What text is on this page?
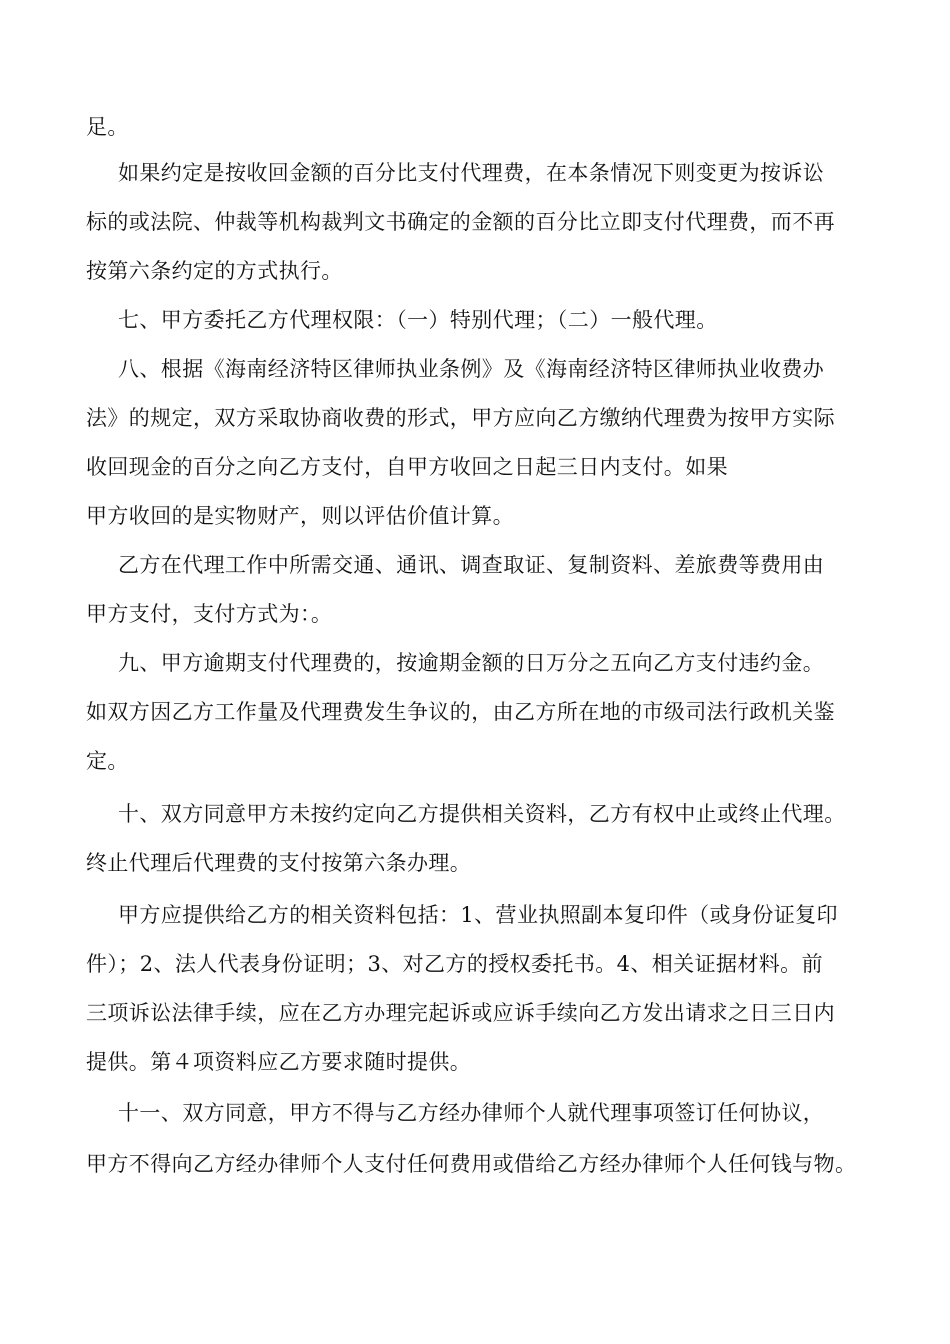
足。
如果约定是按收回金额的百分比支付代理费，在本条情况下则变更为按诉讼
标的或法院、仲裁等机构裁判文书确定的金额的百分比立即支付代理费，而不再
按第六条约定的方式执行。
七、甲方委托乙方代理权限：（一）特别代理；（二）一般代理。
八、根据《海南经济特区律师执业条例》及《海南经济特区律师执业收费办
法》的规定，双方采取协商收费的形式，甲方应向乙方缴纳代理费为按甲方实际
收回现金的百分之向乙方支付，自甲方收回之日起三日内支付。如果
甲方收回的是实物财产，则以评估价值计算。
乙方在代理工作中所需交通、通讯、调查取证、复制资料、差旅费等费用由
甲方支付，支付方式为：。
九、甲方逾期支付代理费的，按逾期金额的日万分之五向乙方支付违约金。
如双方因乙方工作量及代理费发生争议的，由乙方所在地的市级司法行政机关鉴
定。
十、双方同意甲方未按约定向乙方提供相关资料，乙方有权中止或终止代理。
终止代理后代理费的支付按第六条办理。
甲方应提供给乙方的相关资料包括：1、营业执照副本复印件（或身份证复印
件）；2、法人代表身份证明；3、对乙方的授权委托书。4、相关证据材料。前
三项诉讼法律手续，应在乙方办理完起诉或应诉手续向乙方发出请求之日三日内
提供。第４项资料应乙方要求随时提供。
十一、双方同意，甲方不得与乙方经办律师个人就代理事项签订任何协议，
甲方不得向乙方经办律师个人支付任何费用或借给乙方经办律师个人任何钱与物。
